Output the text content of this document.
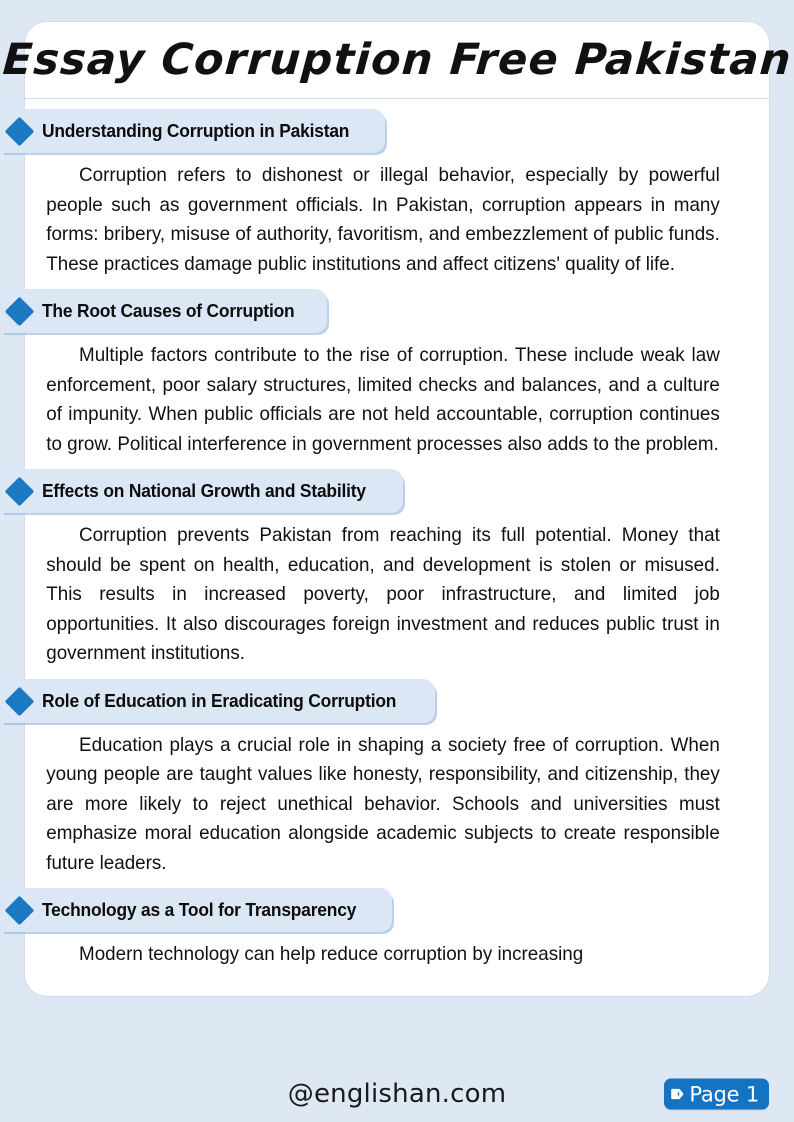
Essay Corruption Free Pakistan
Understanding Corruption in Pakistan

Corruption refers to dishonest or illegal behavior, especially by powerful people such as government officials. In Pakistan, corruption appears in many forms: bribery, misuse of authority, favoritism, and embezzlement of public funds. These practices damage public institutions and affect citizens' quality of life.

The Root Causes of Corruption

Multiple factors contribute to the rise of corruption. These include weak law enforcement, poor salary structures, limited checks and balances, and a culture of impunity. When public officials are not held accountable, corruption continues to grow. Political interference in government processes also adds to the problem.

Effects on National Growth and Stability

Corruption prevents Pakistan from reaching its full potential. Money that should be spent on health, education, and development is stolen or misused. This results in increased poverty, poor infrastructure, and limited job opportunities. It also discourages foreign investment and reduces public trust in government institutions.

Role of Education in Eradicating Corruption

Education plays a crucial role in shaping a society free of corruption. When young people are taught values like honesty, responsibility, and citizenship, they are more likely to reject unethical behavior. Schools and universities must emphasize moral education alongside academic subjects to create responsible future leaders.

Technology as a Tool for Transparency

Modern technology can help reduce corruption by increasing

@englishan.com	Page 1
